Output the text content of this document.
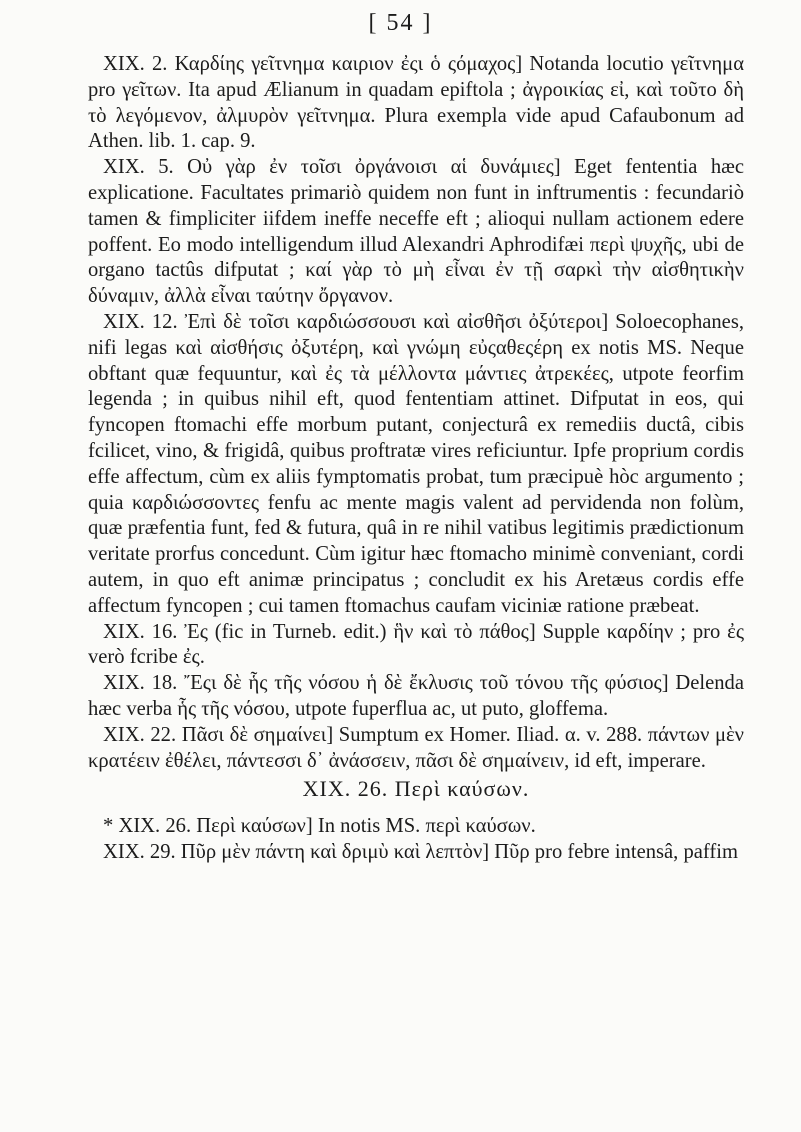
[ 54 ]

XIX. 2. Καρδίης γεῖτνημα καιριον ἐςι ὁ ςόμαχος] Notanda locutio γεῖτνημα pro γεῖτων. Ita apud Ælianum in quadam epiftola ; ἀγροικίας εἰ, καὶ τοῦτο δὴ τὸ λεγόμενον, ἀλμυρὸν γεῖτνημα. Plura exempla vide apud Cafaubonum ad Athen. lib. 1. cap. 9.

XIX. 5. Οὐ γὰρ ἐν τοῖσι ὀργάνοισι αἱ δυνάμιες] Eget fententia hæc explicatione. Facultates primariò quidem non funt in inftrumentis : fecundariò tamen & fimpliciter iifdem ineffe neceffe eft ; alioqui nullam actionem edere poffent. Eo modo intelligendum illud Alexandri Aphrodifæi περὶ ψυχῆς, ubi de organo tactûs difputat ; καί γὰρ τὸ μὴ εἶναι ἐν τῇ σαρκὶ τὴν αἰσθητικὴν δύναμιν, ἀλλὰ εἶναι ταύτην ὄργανον.

XIX. 12. Ἐπὶ δὲ τοῖσι καρδιώσσουσι καὶ αἰσθῆσι ὀξύτεροι] Soloecophanes, nifi legas καὶ αἰσθήσις ὀξυτέρη, καὶ γνώμη εὐςαθεςέρη ex notis MS. Neque obftant quæ fequuntur, καὶ ἐς τὰ μέλλοντα μάντιες ἀτρεκέες, utpote feorfim legenda ; in quibus nihil eft, quod fententiam attinet. Difputat in eos, qui fyncopen ftomachi effe morbum putant, conjecturâ ex remediis ductâ, cibis fcilicet, vino, & frigidâ, quibus proftratæ vires reficiuntur. Ipfe proprium cordis effe affectum, cùm ex aliis fymptomatis probat, tum præcipuè hòc argumento ; quia καρδιώσσοντες fenfu ac mente magis valent ad pervidenda non folùm, quæ præfentia funt, fed & futura, quâ in re nihil vatibus legitimis prædictionum veritate prorfus concedunt. Cùm igitur hæc ftomacho minimè conveniant, cordi autem, in quo eft animæ principatus ; concludit ex his Aretæus cordis effe affectum fyncopen ; cui tamen ftomachus caufam viciniæ ratione præbeat.

XIX. 16. Ἐς (fic in Turneb. edit.) ἣν καὶ τὸ πάθος] Supple καρδίην ; pro ἐς verò fcribe ἐς.

XIX. 18. Ἔςι δὲ ἧς τῆς νόσου ἡ δὲ ἔκλυσις τοῦ τόνου τῆς φύσιος] Delenda hæc verba ἧς τῆς νόσου, utpote fuperflua ac, ut puto, gloffema.

XIX. 22. Πᾶσι δὲ σημαίνει] Sumptum ex Homer. Iliad. α. v. 288. πάντων μὲν κρατέειν ἐθέλει, πάντεσσι δ᾽ ἀνάσσειν, πᾶσι δὲ σημαίνειν, id eft, imperare.

XIX. 26. Περὶ καύσων.

* XIX. 26. Περὶ καύσων] In notis MS. περὶ καύσων.

XIX. 29. Πῦρ μὲν πάντη καὶ δριμὺ καὶ λεπτὸν] Πῦρ pro febre intensâ, paffim
